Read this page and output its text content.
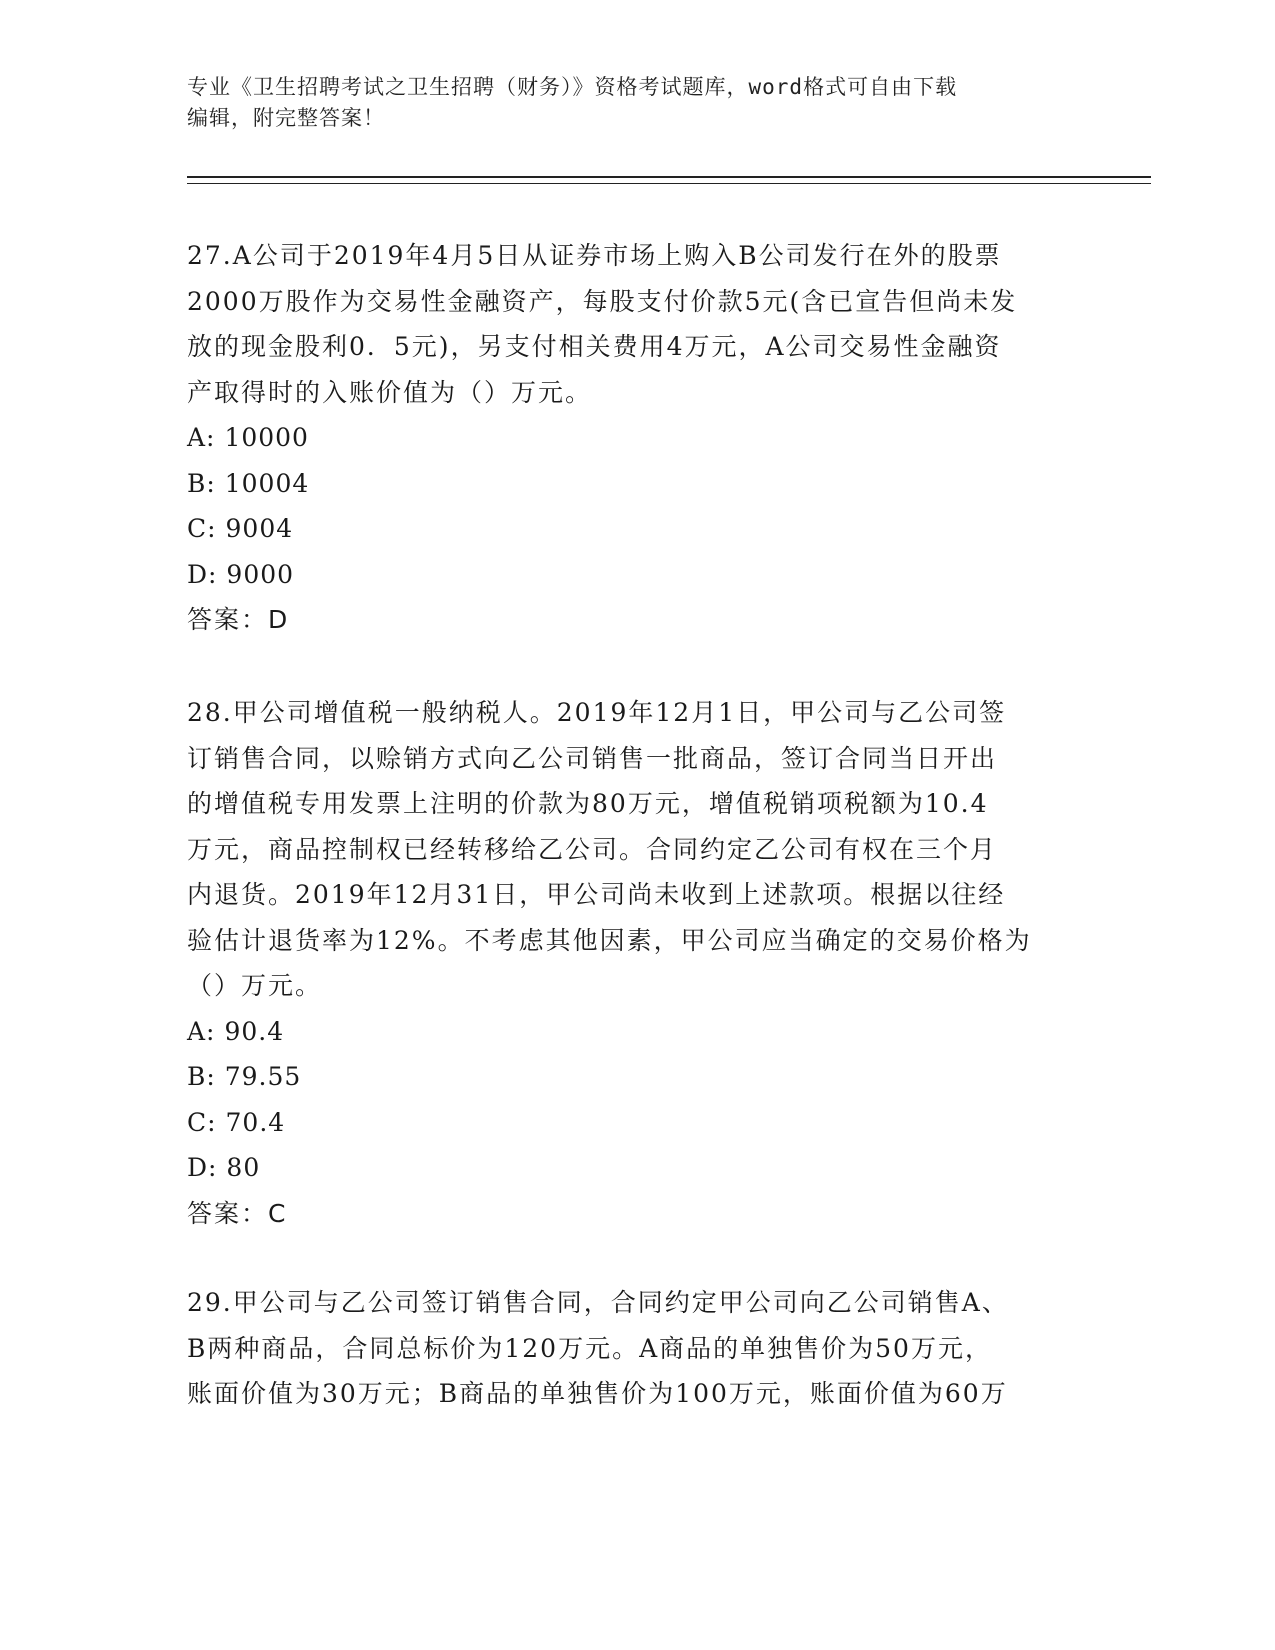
专业《卫生招聘考试之卫生招聘（财务）》资格考试题库，word格式可自由下载
编辑，附完整答案！

27.A公司于2019年4月5日从证券市场上购入B公司发行在外的股票

2000万股作为交易性金融资产，每股支付价款5元(含已宣告但尚未发

放的现金股利0．5元)，另支付相关费用4万元，A公司交易性金融资

产取得时的入账价值为（）万元。

A: 10000

B: 10004

C: 9004

D: 9000

答案：D

28.甲公司增值税一般纳税人。2019年12月1日，甲公司与乙公司签

订销售合同，以赊销方式向乙公司销售一批商品，签订合同当日开出

的增值税专用发票上注明的价款为80万元，增值税销项税额为10.4

万元，商品控制权已经转移给乙公司。合同约定乙公司有权在三个月

内退货。2019年12月31日，甲公司尚未收到上述款项。根据以往经

验估计退货率为12%。不考虑其他因素，甲公司应当确定的交易价格为

（）万元。

A: 90.4

B: 79.55

C: 70.4

D: 80

答案：C

29.甲公司与乙公司签订销售合同，合同约定甲公司向乙公司销售A、

B两种商品，合同总标价为120万元。A商品的单独售价为50万元，

账面价值为30万元；B商品的单独售价为100万元，账面价值为60万
